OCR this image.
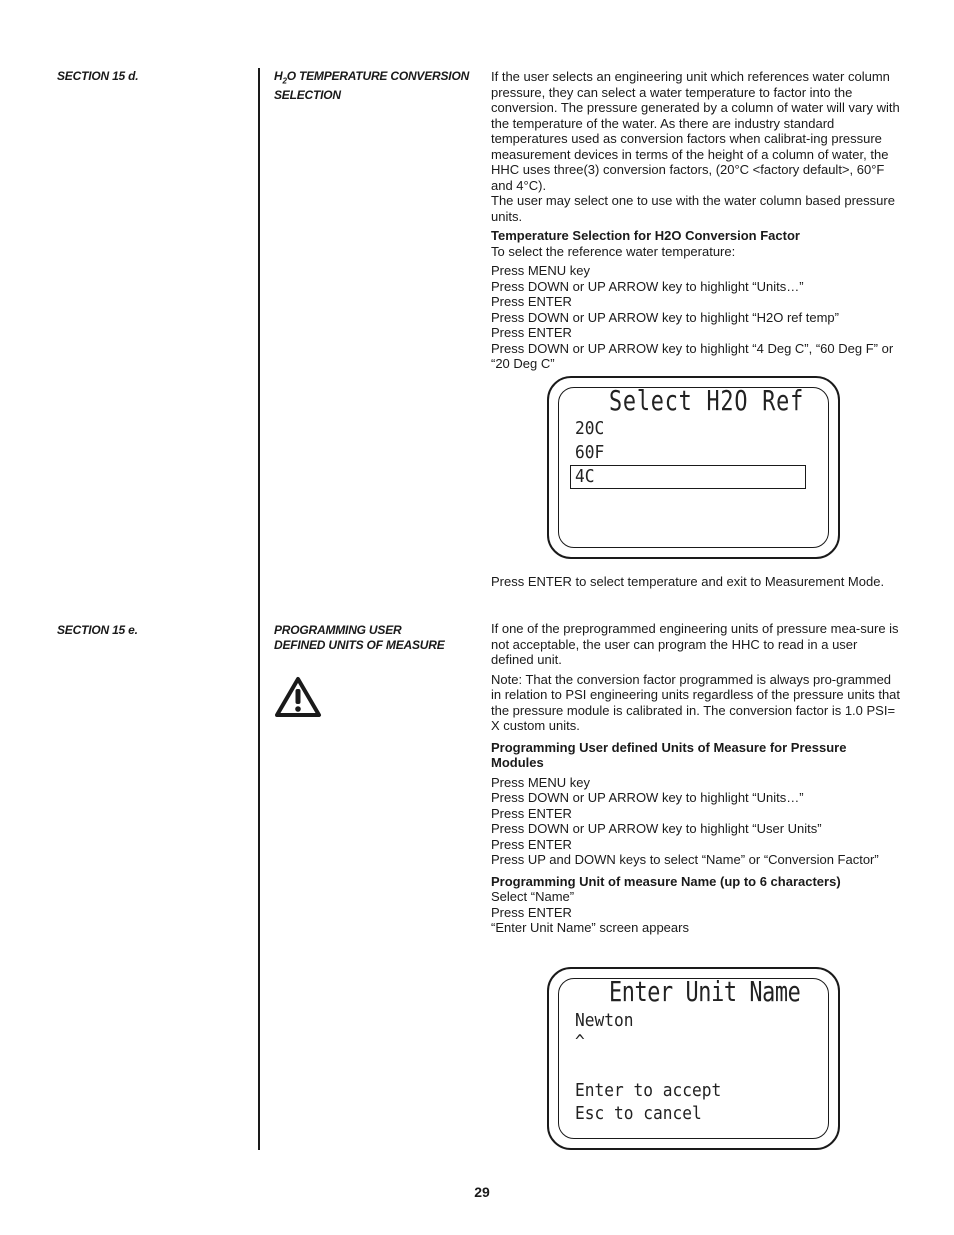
SECTION 15 d.	$H_2O$ TEMPERATURE CONVERSION SELECTION

If the user selects an engineering unit which references water column pressure, they can select a water temperature to factor into the conversion. The pressure generated by a column of water will vary with the temperature of the water. As there are industry standard temperatures used as conversion factors when calibrat-ing pressure measurement devices in terms of the height of a column of water, the HHC uses three(3) conversion factors, (20°C <factory default>, 60°F and 4°C).

The user may select one to use with the water column based pressure units.

Temperature Selection for H2O Conversion Factor

To select the reference water temperature:

Press MENU key

Press DOWN or UP ARROW key to highlight “Units…”

Press ENTER

Press DOWN or UP ARROW key to highlight “H2O ref temp”

Press ENTER

Press DOWN or UP ARROW key to highlight “4 Deg C”, “60 Deg F” or “20 Deg C”

Select H2O Ref
20C
60F
4C

Press ENTER to select temperature and exit to Measurement Mode.

SECTION 15 e.	PROGRAMMING USER DEFINED UNITS OF MEASURE

If one of the preprogrammed engineering units of pressure mea-sure is not acceptable, the user can program the HHC to read in a user defined unit.

Note: That the conversion factor programmed is always pro-grammed in relation to PSI engineering units regardless of the pressure units that the pressure module is calibrated in. The conversion factor is 1.0 PSI= X custom units.

Programming User defined Units of Measure for Pressure Modules

Press MENU key

Press DOWN or UP ARROW key to highlight “Units…”

Press ENTER

Press DOWN or UP ARROW key to highlight “User Units”

Press ENTER

Press UP and DOWN keys to select “Name” or “Conversion Factor”

Programming Unit of measure Name (up to 6 characters)

Select “Name”

Press ENTER

“Enter Unit Name” screen appears

Enter Unit Name
Newton
^
Enter to accept
Esc to cancel
29
